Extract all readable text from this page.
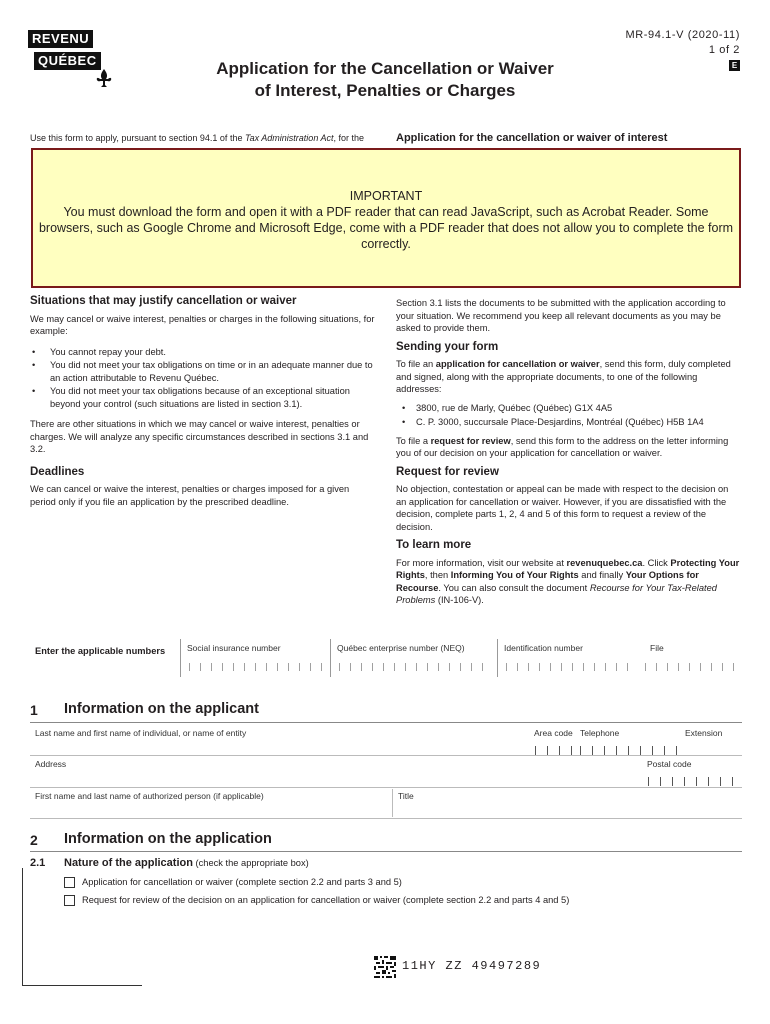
REVENU
QUÉBEC
MR-94.1-V (2020-11)
1 of 2
E
Application for the Cancellation or Waiver
of Interest, Penalties or Charges
Use this form to apply, pursuant to section 94.1 of the Tax Administration Act, for the	Application for the cancellation or waiver of interest
IMPORTANT
You must download the form and open it with a PDF reader that can read JavaScript, such as Acrobat Reader. Some
browsers, such as Google Chrome and Microsoft Edge, come with a PDF reader that does not allow you to complete the form
correctly.
Situations that may justify cancellation or waiver

We may cancel or waive interest, penalties or charges in the following situations, for example:

• You cannot repay your debt.
• You did not meet your tax obligations on time or in an adequate manner due to an action attributable to Revenu Québec.
• You did not meet your tax obligations because of an exceptional situation beyond your control (such situations are listed in section 3.1).

There are other situations in which we may cancel or waive interest, penalties or charges. We will analyze any specific circumstances described in sections 3.1 and 3.2.

Deadlines

We can cancel or waive the interest, penalties or charges imposed for a given period only if you file an application by the prescribed deadline.

Section 3.1 lists the documents to be submitted with the application according to your situation. We recommend you keep all relevant documents as you may be asked to provide them.

Sending your form

To file an application for cancellation or waiver, send this form, duly completed and signed, along with the appropriate documents, to one of the following addresses:

• 3800, rue de Marly, Québec (Québec) G1X 4A5
• C. P. 3000, succursale Place-Desjardins, Montréal (Québec) H5B 1A4

To file a request for review, send this form to the address on the letter informing you of our decision on your application for cancellation or waiver.

Request for review

No objection, contestation or appeal can be made with respect to the decision on an application for cancellation or waiver. However, if you are dissatisfied with the decision, complete parts 1, 2, 4 and 5 of this form to request a review of the decision.

To learn more

For more information, visit our website at revenuquebec.ca. Click Protecting Your Rights, then Informing You of Your Rights and finally Your Options for Recourse. You can also consult the document Recourse for Your Tax-Related Problems (IN-106-V).

Enter the applicable numbers	Social insurance number	Québec enterprise number (NEQ)	Identification number	File
1 Information on the applicant
Last name and first name of individual, or name of entity	Area code Telephone	Extension
Address	Postal code
First name and last name of authorized person (if applicable)	Title
2 Information on the application
2.1 Nature of the application (check the appropriate box)
Application for cancellation or waiver (complete section 2.2 and parts 3 and 5)
Request for review of the decision on an application for cancellation or waiver (complete section 2.2 and parts 4 and 5)
11HY ZZ 49497289
